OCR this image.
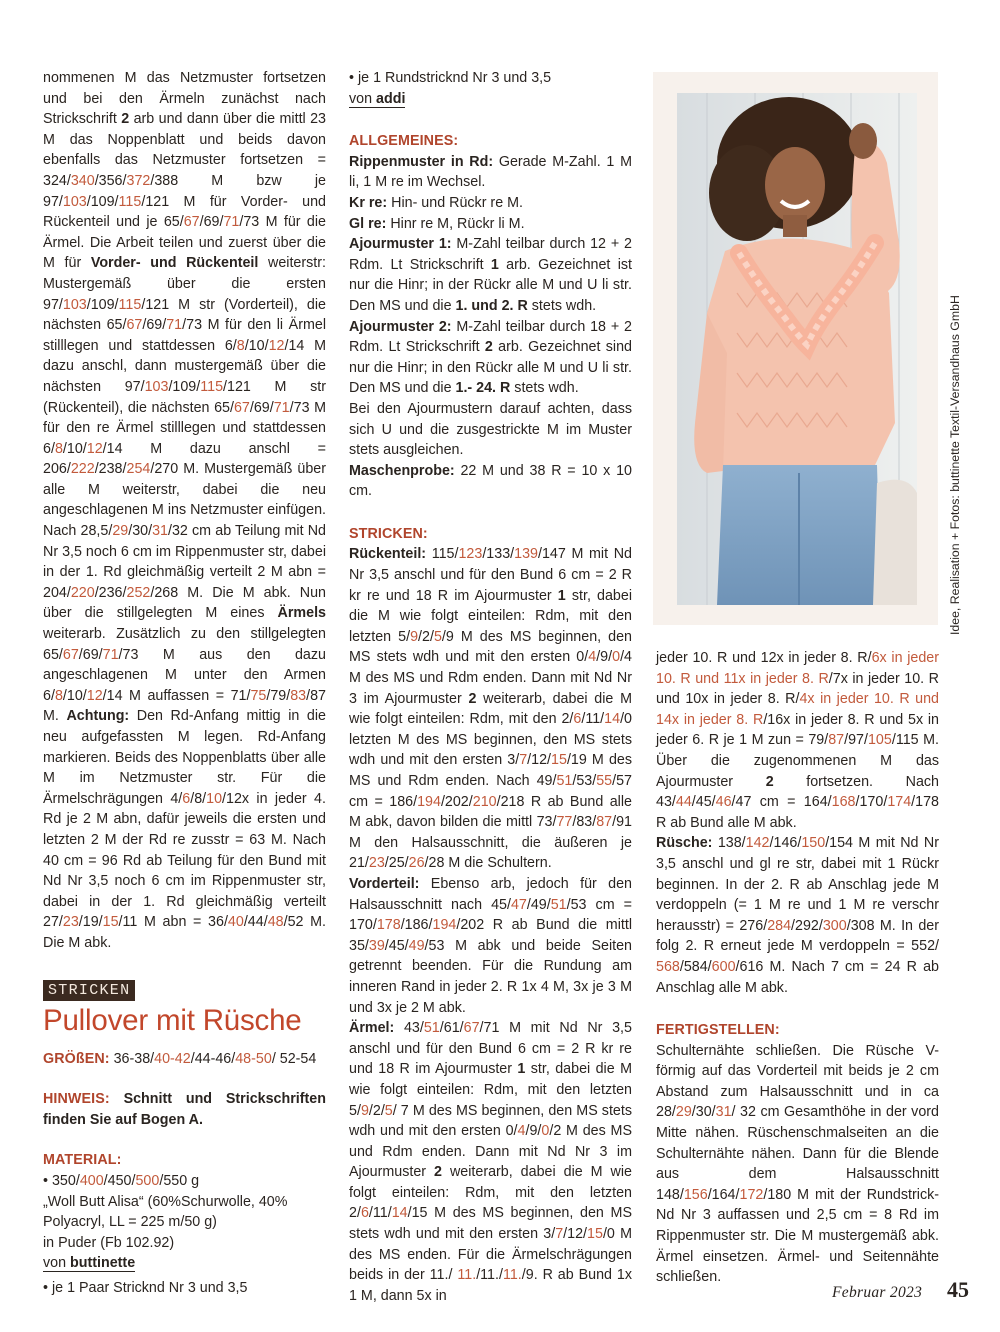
Idee, Realisation + Fotos: buttinette Textil-Versandhaus GmbH

nommenen M das Netzmuster fortsetzen und bei den Ärmeln zunächst nach Strickschrift 2 arb und dann über die mittl 23 M das Noppenblatt und beids davon ebenfalls das Netzmuster fortsetzen = 324/340/356/372/388 M bzw je 97/103/109/115/121 M für Vorder- und Rückenteil und je 65/67/69/71/73 M für die Ärmel. Die Arbeit teilen und zuerst über die M für Vorder- und Rückenteil weiterstr: Mustergemäß über die ersten 97/103/109/115/121 M str (Vorderteil), die nächsten 65/67/69/71/73 M für den li Ärmel stilllegen und stattdessen 6/8/10/12/14 M dazu anschl, dann mustergemäß über die nächsten 97/103/109/115/121 M str (Rückenteil), die nächsten 65/67/69/71/73 M für den re Ärmel stilllegen und stattdessen 6/8/10/12/14 M dazu anschl = 206/222/238/254/270 M. Mustergemäß über alle M weiterstr, dabei die neu angeschlagenen M ins Netzmuster einfügen. Nach 28,5/29/30/31/32 cm ab Teilung mit Nd Nr 3,5 noch 6 cm im Rippenmuster str, dabei in der 1. Rd gleichmäßig verteilt 2 M abn = 204/220/236/252/268 M. Die M abk. Nun über die stillgelegten M eines Ärmels weiterarb. Zusätzlich zu den stillgelegten 65/67/69/71/73 M aus den dazu angeschlagenen M unter den Armen 6/8/10/12/14 M auffassen = 71/75/79/83/87 M. Achtung: Den Rd-Anfang mittig in die neu aufgefassten M legen. Rd-Anfang markieren. Beids des Noppenblatts über alle M im Netzmuster str. Für die Ärmelschrägungen 4/6/8/10/12x in jeder 4. Rd je 2 M abn, dafür jeweils die ersten und letzten 2 M der Rd re zusstr = 63 M. Nach 40 cm = 96 Rd ab Teilung für den Bund mit Nd Nr 3,5 noch 6 cm im Rippenmuster str, dabei in der 1. Rd gleichmäßig verteilt 27/23/19/15/11 M abn = 36/40/44/48/52 M. Die M abk.

STRICKEN
Pullover mit Rüsche

GRÖßEN: 36-38/40-42/44-46/48-50/ 52-54

HINWEIS: Schnitt und Strickschriften finden Sie auf Bogen A.

MATERIAL:

• 350/400/450/500/550 g
„Woll Butt Alisa“ (60%Schurwolle, 40% Polyacryl, LL = 225 m/50 g)
in Puder (Fb 102.92)
von buttinette

• je 1 Paar Stricknd Nr 3 und 3,5

• je 1 Rundstricknd Nr 3 und 3,5

von addi

ALLGEMEINES:

Rippenmuster in Rd: Gerade M-Zahl. 1 M li, 1 M re im Wechsel.
Kr re: Hin- und Rückr re M.
Gl re: Hinr re M, Rückr li M.
Ajourmuster 1: M-Zahl teilbar durch 12 + 2 Rdm. Lt Strickschrift 1 arb. Gezeichnet ist nur die Hinr; in der Rückr alle M und U li str. Den MS und die 1. und 2. R stets wdh.
Ajourmuster 2: M-Zahl teilbar durch 18 + 2 Rdm. Lt Strickschrift 2 arb. Gezeichnet sind nur die Hinr; in den Rückr alle M und U li str. Den MS und die 1.- 24. R stets wdh.
Bei den Ajourmustern darauf achten, dass sich U und die zusgestrickte M im Muster stets ausgleichen.
Maschenprobe: 22 M und 38 R = 10 x 10 cm.

STRICKEN:

Rückenteil: 115/123/133/139/147 M mit Nd Nr 3,5 anschl und für den Bund 6 cm = 2 R kr re und 18 R im Ajourmuster 1 str, dabei die M wie folgt einteilen: Rdm, mit den letzten 5/9/2/5/9 M des MS beginnen, den MS stets wdh und mit den ersten 0/4/9/0/4 M des MS und Rdm enden. Dann mit Nd Nr 3 im Ajourmuster 2 weiterarb, dabei die M wie folgt einteilen: Rdm, mit den 2/6/11/14/0 letzten M des MS beginnen, den MS stets wdh und mit den ersten 3/7/12/15/19 M des MS und Rdm enden. Nach 49/51/53/55/57 cm = 186/194/202/210/218 R ab Bund alle M abk, davon bilden die mittl 73/77/83/87/91 M den Halsausschnitt, die äußeren je 21/23/25/26/28 M die Schultern.
Vorderteil: Ebenso arb, jedoch für den Halsausschnitt nach 45/47/49/51/53 cm = 170/178/186/194/202 R ab Bund die mittl 35/39/45/49/53 M abk und beide Seiten getrennt beenden. Für die Rundung am inneren Rand in jeder 2. R 1x 4 M, 3x je 3 M und 3x je 2 M abk.
Ärmel: 43/51/61/67/71 M mit Nd Nr 3,5 anschl und für den Bund 6 cm = 2 R kr re und 18 R im Ajourmuster 1 str, dabei die M wie folgt einteilen: Rdm, mit den letzten 5/9/2/5/ 7 M des MS beginnen, den MS stets wdh und mit den ersten 0/4/9/0/2 M des MS und Rdm enden. Dann mit Nd Nr 3 im Ajourmuster 2 weiterarb, dabei die M wie folgt einteilen: Rdm, mit den letzten 2/6/11/14/15 M des MS beginnen, den MS stets wdh und mit den ersten 3/7/12/15/0 M des MS enden. Für die Ärmelschrägungen beids in der 11./ 11./11./11./9. R ab Bund 1x 1 M, dann 5x in

jeder 10. R und 12x in jeder 8. R/6x in jeder 10. R und 11x in jeder 8. R/7x in jeder 10. R und 10x in jeder 8. R/4x in jeder 10. R und 14x in jeder 8. R/16x in jeder 8. R und 5x in jeder 6. R je 1 M zun = 79/87/97/105/115 M. Über die zugenommenen M das Ajourmuster 2 fortsetzen. Nach 43/44/45/46/47 cm = 164/168/170/174/178 R ab Bund alle M abk.
Rüsche: 138/142/146/150/154 M mit Nd Nr 3,5 anschl und gl re str, dabei mit 1 Rückr beginnen. In der 2. R ab Anschlag jede M verdoppeln (= 1 M re und 1 M re verschr herausstr) = 276/284/292/300/308 M. In der folg 2. R erneut jede M verdoppeln = 552/ 568/584/600/616 M. Nach 7 cm = 24 R ab Anschlag alle M abk.

FERTIGSTELLEN:

Schulternähte schließen. Die Rüsche V-förmig auf das Vorderteil mit beids je 2 cm Abstand zum Halsausschnitt und in ca 28/29/30/31/ 32 cm Gesamthöhe in der vord Mitte nähen. Rüschenschmalseiten an die Schulternähte nähen. Dann für die Blende aus dem Halsausschnitt 148/156/164/172/180 M mit der Rundstrick-Nd Nr 3 auffassen und 2,5 cm = 8 Rd im Rippenmuster str. Die M mustergemäß abk. Ärmel einsetzen. Ärmel- und Seitennähte schließen.

Februar 2023 45
